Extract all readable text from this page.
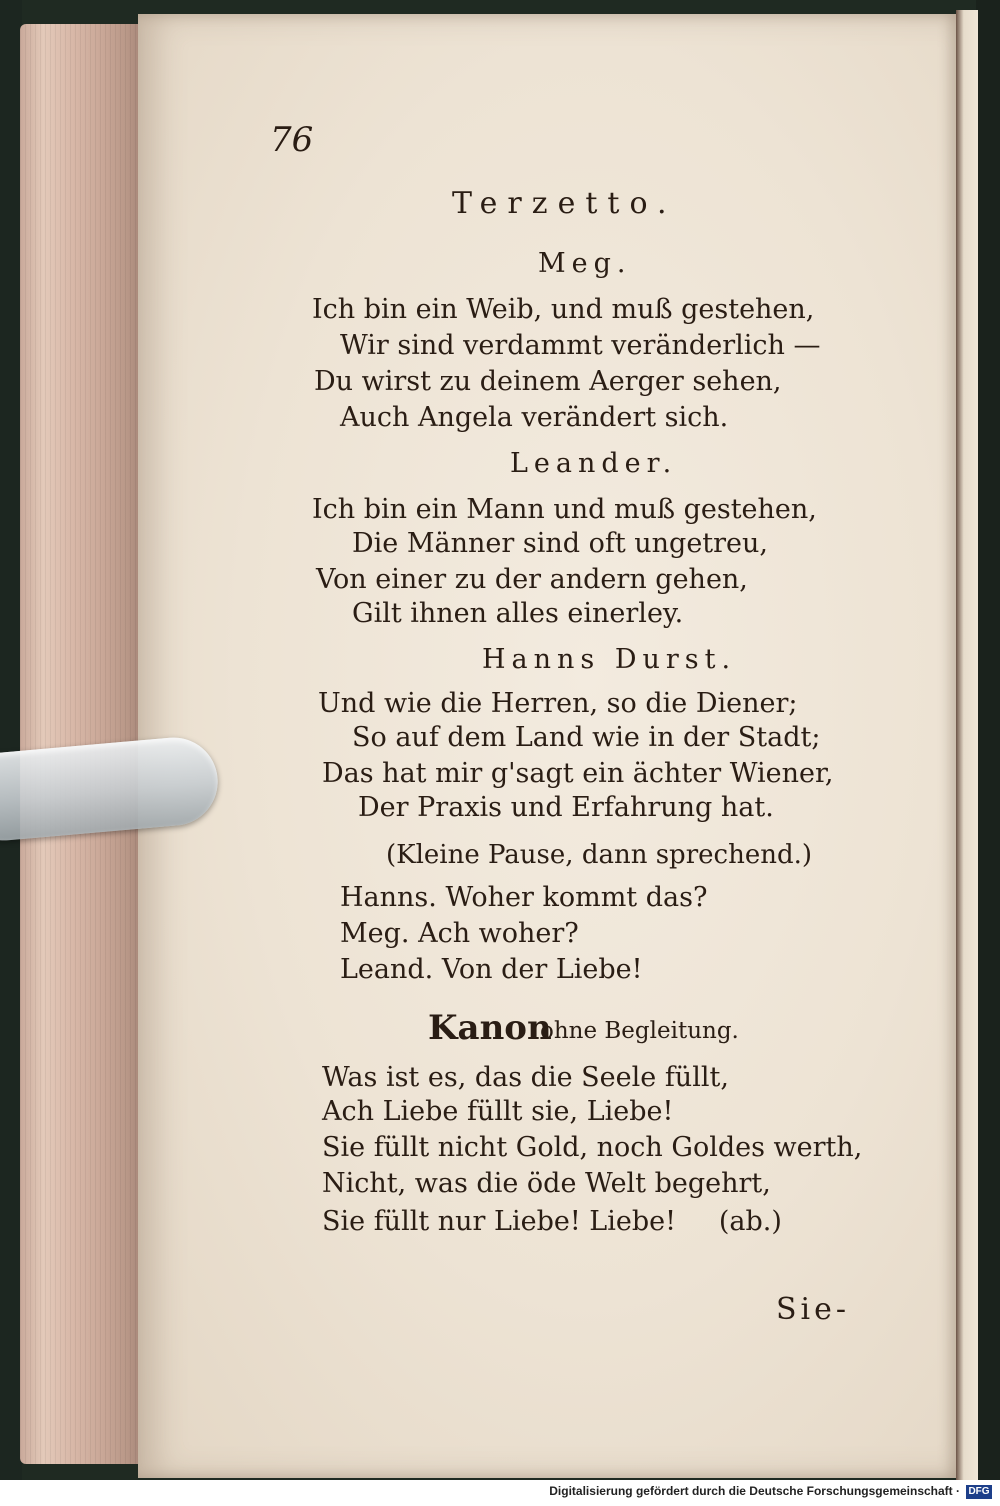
76
Terzetto.
Meg.
Ich bin ein Weib, und muß gestehen,
Wir sind verdammt veränderlich —
Du wirst zu deinem Aerger sehen,
Auch Angela verändert sich.
Leander.
Ich bin ein Mann und muß gestehen,
Die Männer sind oft ungetreu,
Von einer zu der andern gehen,
Gilt ihnen alles einerley.
Hanns Durst.
Und wie die Herren, so die Diener;
So auf dem Land wie in der Stadt;
Das hat mir g'sagt ein ächter Wiener,
Der Praxis und Erfahrung hat.
(Kleine Pause, dann sprechend.)
Hanns. Woher kommt das?
Meg. Ach woher?
Leand. Von der Liebe!
Kanon
ohne Begleitung.
Was ist es, das die Seele füllt,
Ach Liebe füllt sie, Liebe!
Sie füllt nicht Gold, noch Goldes werth,
Nicht, was die öde Welt begehrt,
Sie füllt nur Liebe! Liebe!     (ab.)
Sie-
Digitalisierung gefördert durch die Deutsche Forschungsgemeinschaft · DFG
